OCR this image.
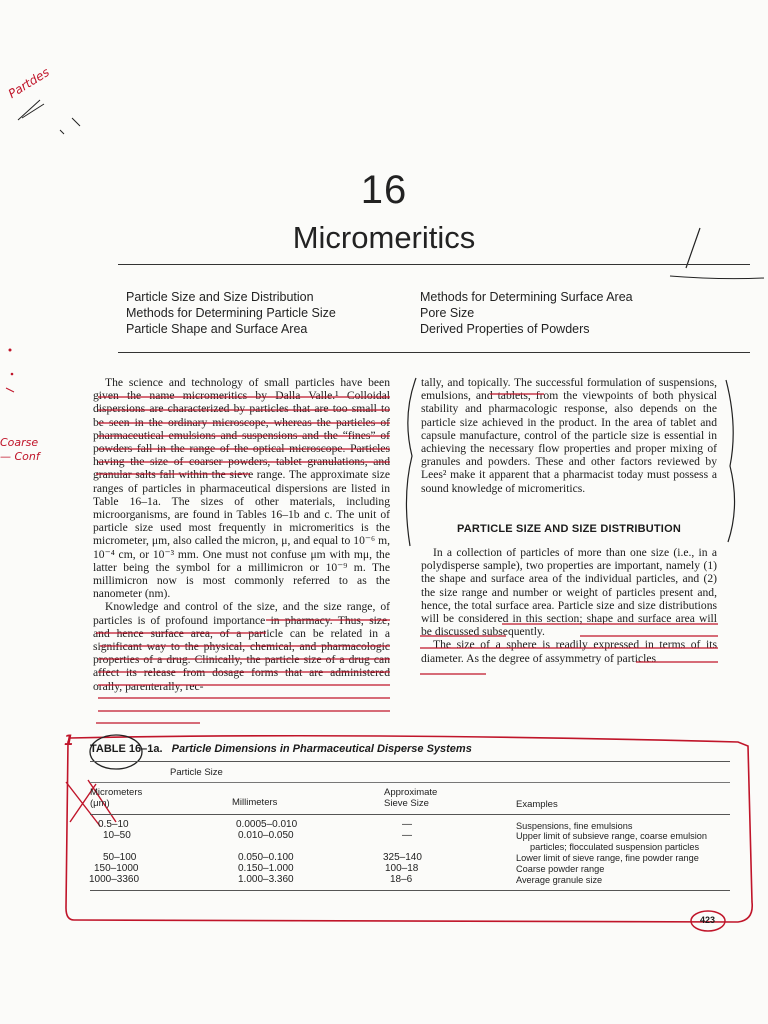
Partdes
16
Micromeritics
Particle Size and Size Distribution
Methods for Determining Particle Size
Particle Shape and Surface Area
Methods for Determining Surface Area
Pore Size
Derived Properties of Powders
Coarse — Conf

The science and technology of small particles have been given the name micromeritics by Dalla Valle.¹ Colloidal dispersions are characterized by particles that are too small to be seen in the ordinary microscope, whereas the particles of pharmaceutical emulsions and suspensions and the “fines” of powders fall in the range of the optical microscope. Particles having the size of coarser powders, tablet granulations, and granular salts fall within the sieve range. The approximate size ranges of particles in pharmaceutical dispersions are listed in Table 16–1a. The sizes of other materials, including microorganisms, are found in Tables 16–1b and c. The unit of particle size used most frequently in micromeritics is the micrometer, μm, also called the micron, μ, and equal to 10⁻⁶ m, 10⁻⁴ cm, or 10⁻³ mm. One must not confuse μm with mμ, the latter being the symbol for a millimicron or 10⁻⁹ m. The millimicron now is most commonly referred to as the nanometer (nm).

Knowledge and control of the size, and the size range, of particles is of profound importance in pharmacy. Thus, size, and hence surface area, of a particle can be related in a significant way to the physical, chemical, and pharmacologic properties of a drug. Clinically, the particle size of a drug can affect its release from dosage forms that are administered orally, parenterally, rec-

tally, and topically. The successful formulation of suspensions, emulsions, and tablets, from the viewpoints of both physical stability and pharmacologic response, also depends on the particle size achieved in the product. In the area of tablet and capsule manufacture, control of the particle size is essential in achieving the necessary flow properties and proper mixing of granules and powders. These and other factors reviewed by Lees² make it apparent that a pharmacist today must possess a sound knowledge of micromeritics.

PARTICLE SIZE AND SIZE DISTRIBUTION

In a collection of particles of more than one size (i.e., in a polydisperse sample), two properties are important, namely (1) the shape and surface area of the individual particles, and (2) the size range and number or weight of particles present and, hence, the total surface area. Particle size and size distributions will be considered in this section; shape and surface area will be discussed subsequently.

The size of a sphere is readily expressed in terms of its diameter. As the degree of assymmetry of particles

1 TABLE 16–1a. Particle Dimensions in Pharmaceutical Disperse Systems
Particle Size
Micrometers (μm)	Millimeters
Approximate Sieve Size	Examples
0.5–10	0.0005–0.010	—	Suspensions, fine emulsions
10–50	0.010–0.050	—	Upper limit of subsieve range, coarse emulsion
particles; flocculated suspension particles
50–100	0.050–0.100	325–140	Lower limit of sieve range, fine powder range
150–1000	0.150–1.000	100–18	Coarse powder range
1000–3360	1.000–3.360	18–6	Average granule size
423
